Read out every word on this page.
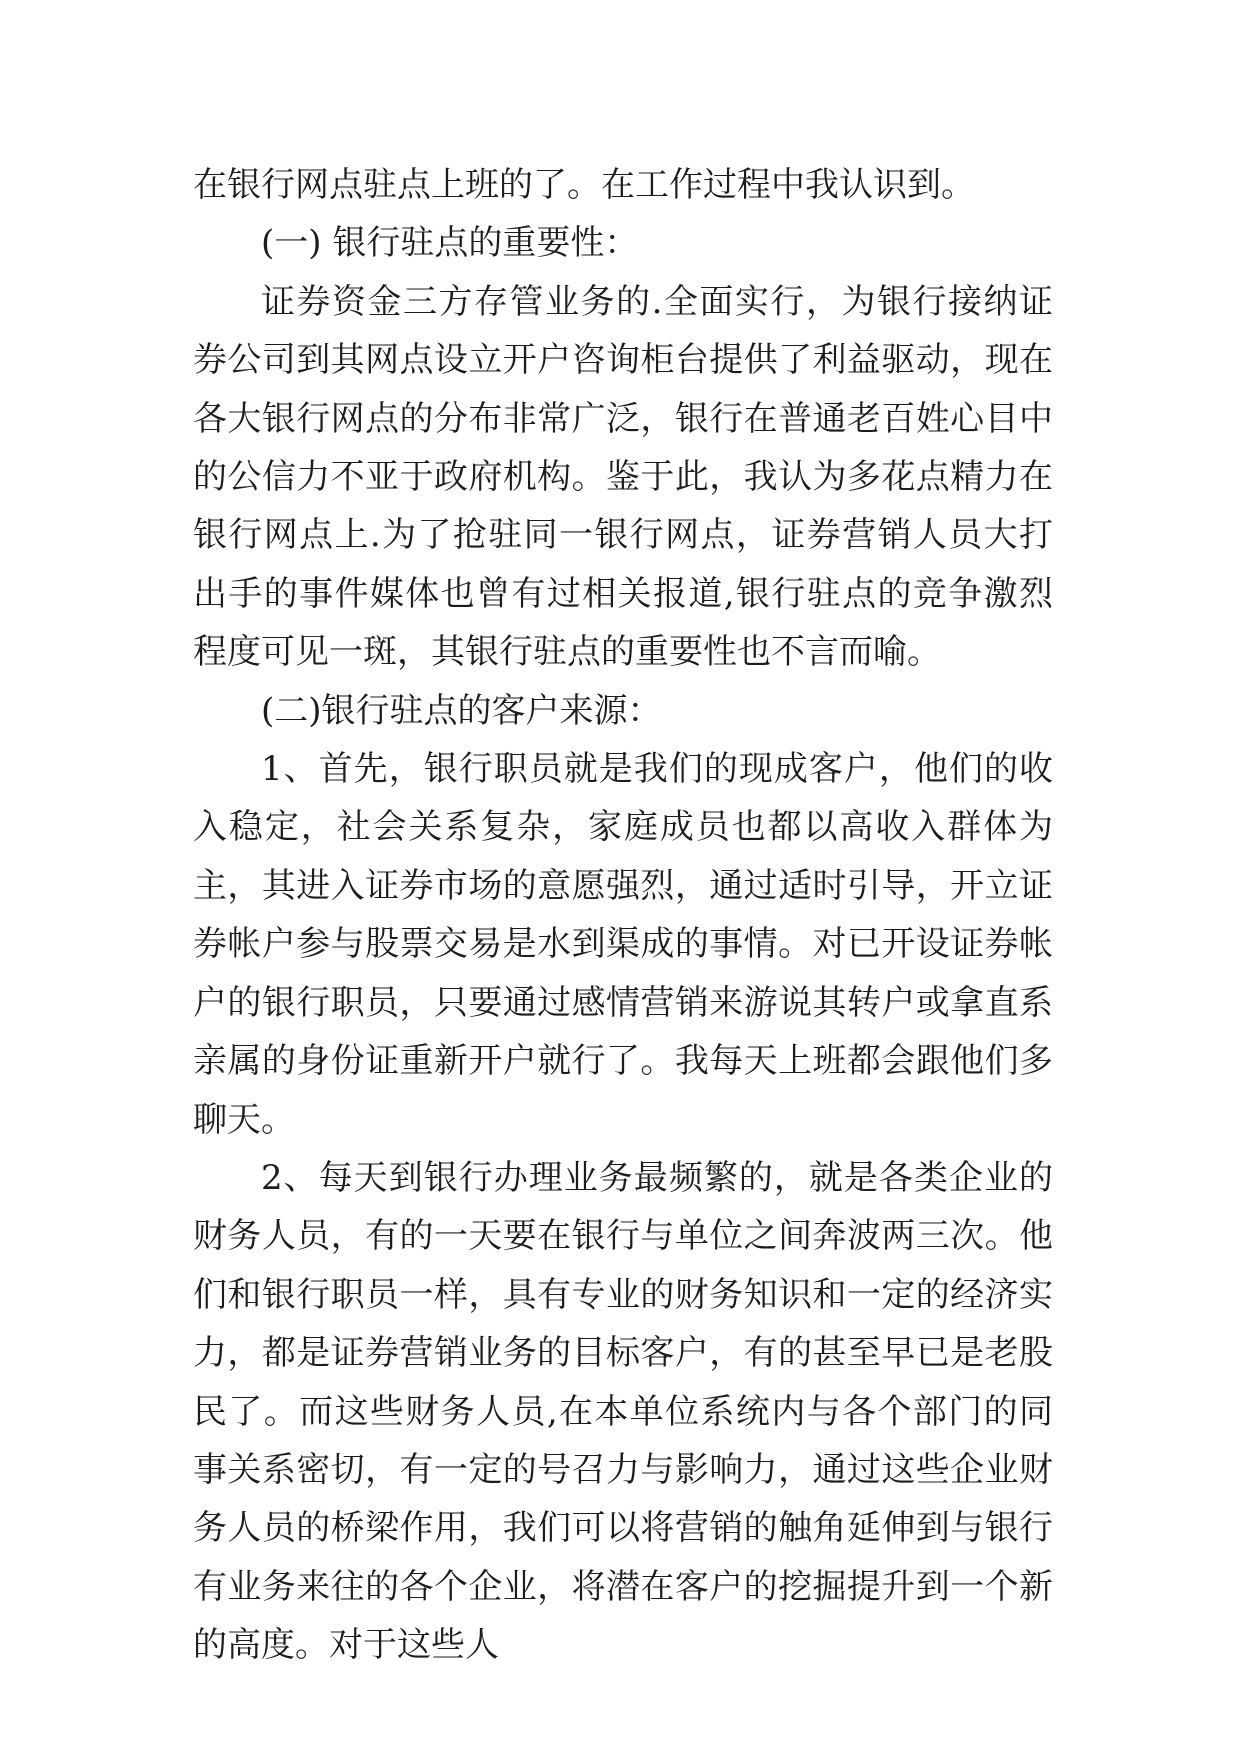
在银行网点驻点上班的了。在工作过程中我认识到。

(一) 银行驻点的重要性：

证券资金三方存管业务的.全面实行，为银行接纳证券公司到其网点设立开户咨询柜台提供了利益驱动，现在各大银行网点的分布非常广泛，银行在普通老百姓心目中的公信力不亚于政府机构。鉴于此，我认为多花点精力在银行网点上.为了抢驻同一银行网点，证券营销人员大打出手的事件媒体也曾有过相关报道,银行驻点的竞争激烈程度可见一斑，其银行驻点的重要性也不言而喻。

(二)银行驻点的客户来源：

1、首先，银行职员就是我们的现成客户，他们的收入稳定，社会关系复杂，家庭成员也都以高收入群体为主，其进入证券市场的意愿强烈，通过适时引导，开立证券帐户参与股票交易是水到渠成的事情。对已开设证券帐户的银行职员，只要通过感情营销来游说其转户或拿直系亲属的身份证重新开户就行了。我每天上班都会跟他们多聊天。

2、每天到银行办理业务最频繁的，就是各类企业的财务人员，有的一天要在银行与单位之间奔波两三次。他们和银行职员一样，具有专业的财务知识和一定的经济实力，都是证券营销业务的目标客户，有的甚至早已是老股民了。而这些财务人员,在本单位系统内与各个部门的同事关系密切，有一定的号召力与影响力，通过这些企业财务人员的桥梁作用，我们可以将营销的触角延伸到与银行有业务来往的各个企业，将潜在客户的挖掘提升到一个新的高度。对于这些人
